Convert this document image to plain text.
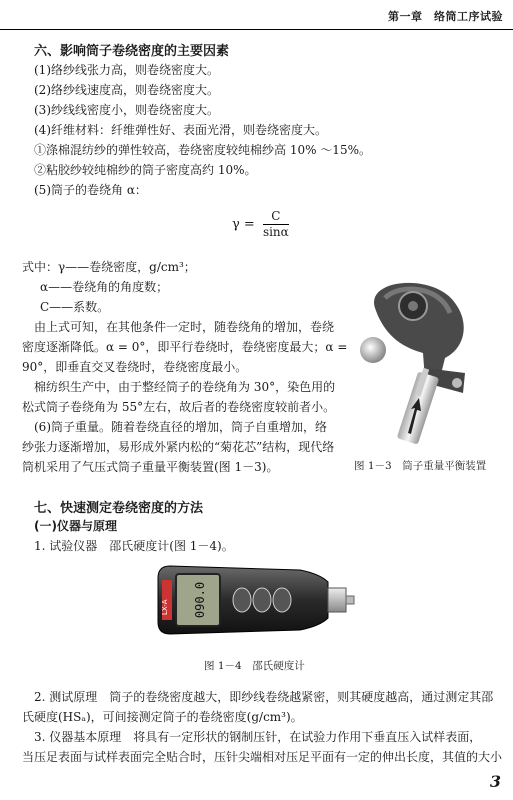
第一章　络筒工序试验
六、影响筒子卷绕密度的主要因素
(1)络纱线张力高，则卷绕密度大。
(2)络纱线速度高，则卷绕密度大。
(3)纱线线密度小，则卷绕密度大。
(4)纤维材料：纤维弹性好、表面光滑，则卷绕密度大。
①涤棉混纺纱的弹性较高，卷绕密度较纯棉纱高 10% ～15%。
②粘胶纱较纯棉纱的筒子密度高约 10%。
(5)筒子的卷绕角 α：
$\gamma = \frac{C}{\sin\alpha}$
式中：γ——卷绕密度，g/cm³；
α——卷绕角的角度数；
C——系数。
由上式可知，在其他条件一定时，随卷绕角的增加，卷绕
密度逐渐降低。α = 0°，即平行卷绕时，卷绕密度最大；α =
90°，即垂直交叉卷绕时，卷绕密度最小。
棉纺织生产中，由于整经筒子的卷绕角为 30°，染色用的
松式筒子卷绕角为 55°左右，故后者的卷绕密度较前者小。
(6)筒子重量。随着卷绕直径的增加，筒子自重增加，络
纱张力逐渐增加，易形成外紧内松的“菊花芯”结构，现代络
筒机采用了气压式筒子重量平衡装置(图 1－3)。	图 1－3　筒子重量平衡装置
七、快速测定卷绕密度的方法
(一)仪器与原理
1. 试验仪器　邵氏硬度计(图 1－4)。
LX-A 090.0
图 1－4　邵氏硬度计
2. 测试原理　筒子的卷绕密度越大，即纱线卷绕越紧密，则其硬度越高，通过测定其邵
氏硬度(HSₐ)，可间接测定筒子的卷绕密度(g/cm³)。
3. 仪器基本原理　将具有一定形状的钢制压针，在试验力作用下垂直压入试样表面，
当压足表面与试样表面完全贴合时，压针尖端相对压足平面有一定的伸出长度，其值的大小
3
